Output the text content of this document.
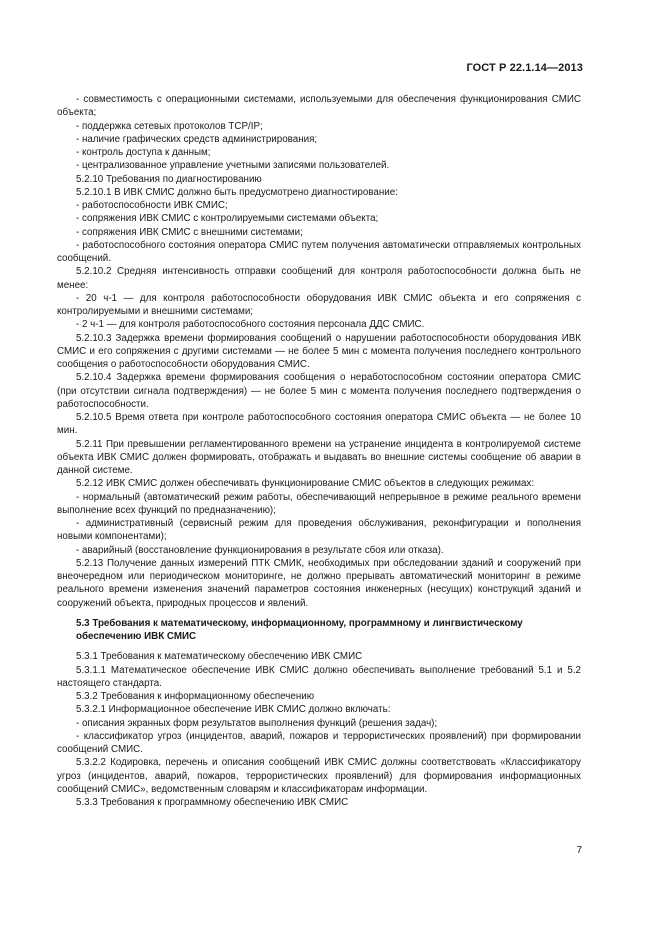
ГОСТ Р 22.1.14—2013

- совместимость с операционными системами, используемыми для обеспечения функционирования СМИС объекта;

- поддержка сетевых протоколов TCP/IP;

- наличие графических средств администрирования;

- контроль доступа к данным;

- централизованное управление учетными записями пользователей.

5.2.10 Требования по диагностированию

5.2.10.1 В ИВК СМИС должно быть предусмотрено диагностирование:

- работоспособности ИВК СМИС;

- сопряжения ИВК СМИС с контролируемыми системами объекта;

- сопряжения ИВК СМИС с внешними системами;

- работоспособного состояния оператора СМИС путем получения автоматически отправляемых контрольных сообщений.

5.2.10.2 Средняя интенсивность отправки сообщений для контроля работоспособности должна быть не менее:

- 20 ч-1 — для контроля работоспособности оборудования ИВК СМИС объекта и его сопряжения с контролируемыми и внешними системами;

- 2 ч-1 — для контроля работоспособного состояния персонала ДДС СМИС.

5.2.10.3 Задержка времени формирования сообщений о нарушении работоспособности оборудования ИВК СМИС и его сопряжения с другими системами — не более 5 мин с момента получения последнего контрольного сообщения о работоспособности оборудования СМИС.

5.2.10.4 Задержка времени формирования сообщения о неработоспособном состоянии оператора СМИС (при отсутствии сигнала подтверждения) — не более 5 мин с момента получения последнего подтверждения о работоспособности.

5.2.10.5 Время ответа при контроле работоспособного состояния оператора СМИС объекта — не более 10 мин.

5.2.11 При превышении регламентированного времени на устранение инцидента в контролируемой системе объекта ИВК СМИС должен формировать, отображать и выдавать во внешние системы сообщение об аварии в данной системе.

5.2.12 ИВК СМИС должен обеспечивать функционирование СМИС объектов в следующих режимах:

- нормальный (автоматический режим работы, обеспечивающий непрерывное в режиме реального времени выполнение всех функций по предназначению);

- административный (сервисный режим для проведения обслуживания, реконфигурации и пополнения новыми компонентами);

- аварийный (восстановление функционирования в результате сбоя или отказа).

5.2.13 Получение данных измерений ПТК СМИК, необходимых при обследовании зданий и сооружений при внеочередном или периодическом мониторинге, не должно прерывать автоматический мониторинг в режиме реального времени изменения значений параметров состояния инженерных (несущих) конструкций зданий и сооружений объекта, природных процессов и явлений.

5.3 Требования к математическому, информационному, программному и лингвистическому обеспечению ИВК СМИС

5.3.1 Требования к математическому обеспечению ИВК СМИС

5.3.1.1 Математическое обеспечение ИВК СМИС должно обеспечивать выполнение требований 5.1 и 5.2 настоящего стандарта.

5.3.2 Требования к информационному обеспечению

5.3.2.1 Информационное обеспечение ИВК СМИС должно включать:

- описания экранных форм результатов выполнения функций (решения задач);

- классификатор угроз (инцидентов, аварий, пожаров и террористических проявлений) при формировании сообщений СМИС.

5.3.2.2 Кодировка, перечень и описания сообщений ИВК СМИС должны соответствовать «Классификатору угроз (инцидентов, аварий, пожаров, террористических проявлений) для формирования информационных сообщений СМИС», ведомственным словарям и классификаторам информации.

5.3.3 Требования к программному обеспечению ИВК СМИС

7
